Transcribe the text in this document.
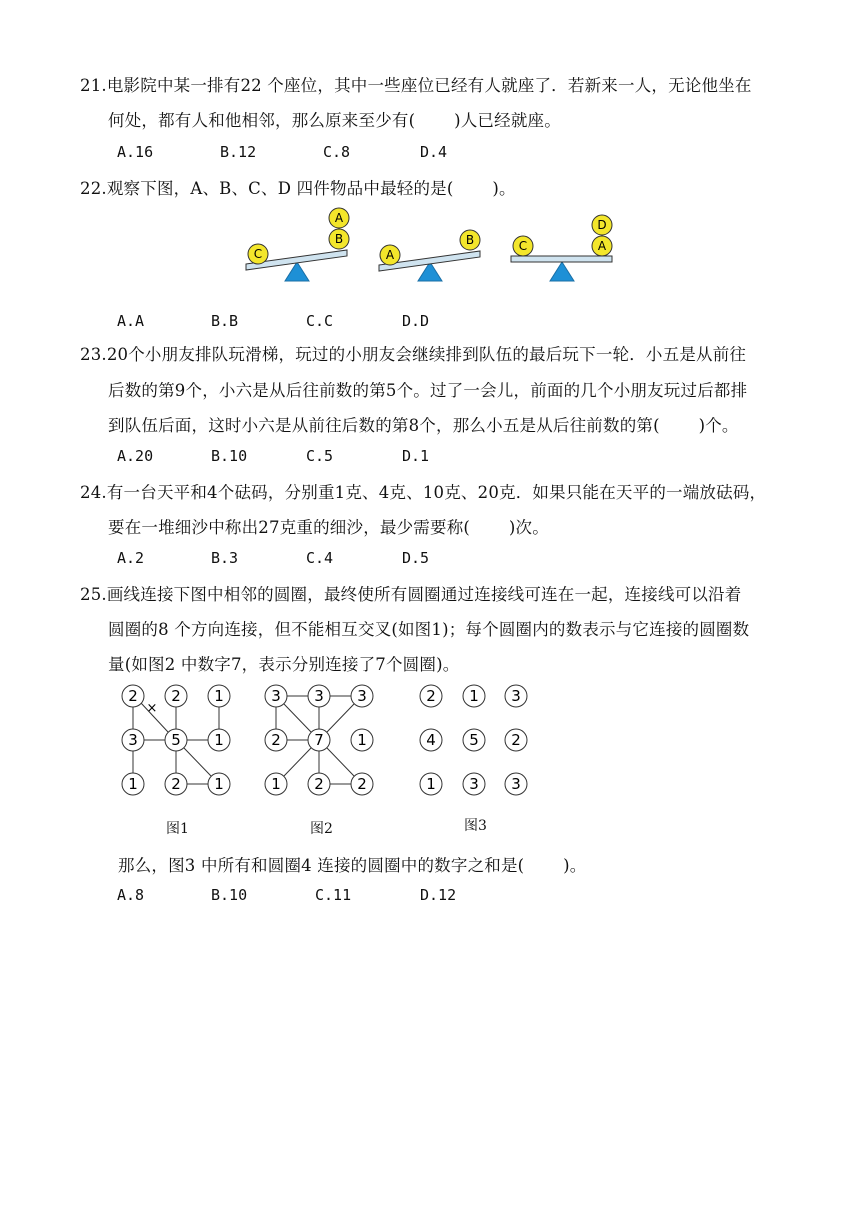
21.电影院中某一排有22 个座位，其中一些座位已经有人就座了．若新来一人，无论他坐在
何处，都有人和他相邻，那么原来至少有(　　 )人已经就座。
A.16	B.12	C.8	D.4
22.观察下图，A、B、C、D 四件物品中最轻的是(　　 )。
C
B
A
A
B	C	A
D
A.A	B.B	C.C	D.D
23.20个小朋友排队玩滑梯，玩过的小朋友会继续排到队伍的最后玩下一轮．小五是从前往
后数的第9个，小六是从后往前数的第5个。过了一会儿，前面的几个小朋友玩过后都排
到队伍后面，这时小六是从前往后数的第8个，那么小五是从后往前数的第(　　 )个。
A.20	B.10	C.5	D.1
24.有一台天平和4个砝码，分别重1克、4克、10克、20克．如果只能在天平的一端放砝码，
要在一堆细沙中称出27克重的细沙，最少需要称(　　 )次。
A.2	B.3	C.4	D.5
25.画线连接下图中相邻的圆圈，最终使所有圆圈通过连接线可连在一起，连接线可以沿着
圆圈的8 个方向连接，但不能相互交叉(如图1)；每个圆圈内的数表示与它连接的圆圈数
量(如图2 中数字7，表示分别连接了7个圆圈)。
×
2 2 1
3 5 1
1 2 1
3 3 3
2 7 1
1 2 2
2 1 3
4 5 2
1 3 3
图1	图2	图3
那么，图3 中所有和圆圈4 连接的圆圈中的数字之和是(　　 )。
A.8	B.10	C.11	D.12
